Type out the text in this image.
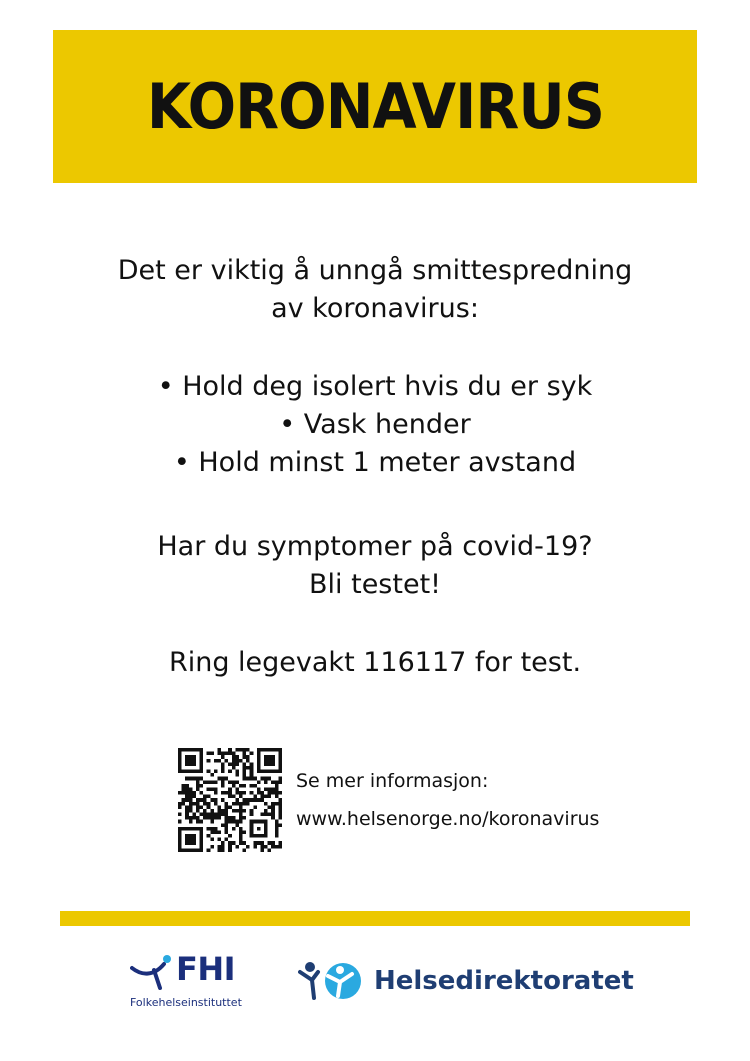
KORONAVIRUS
Det er viktig å unngå smittespredning
av koronavirus:
• Hold deg isolert hvis du er syk
• Vask hender
• Hold minst 1 meter avstand
Har du symptomer på covid-19?
Bli testet!
Ring legevakt 116117 for test.
Se mer informasjon:
www.helsenorge.no/koronavirus
FHI
Folkehelseinstituttet
Helsedirektoratet
